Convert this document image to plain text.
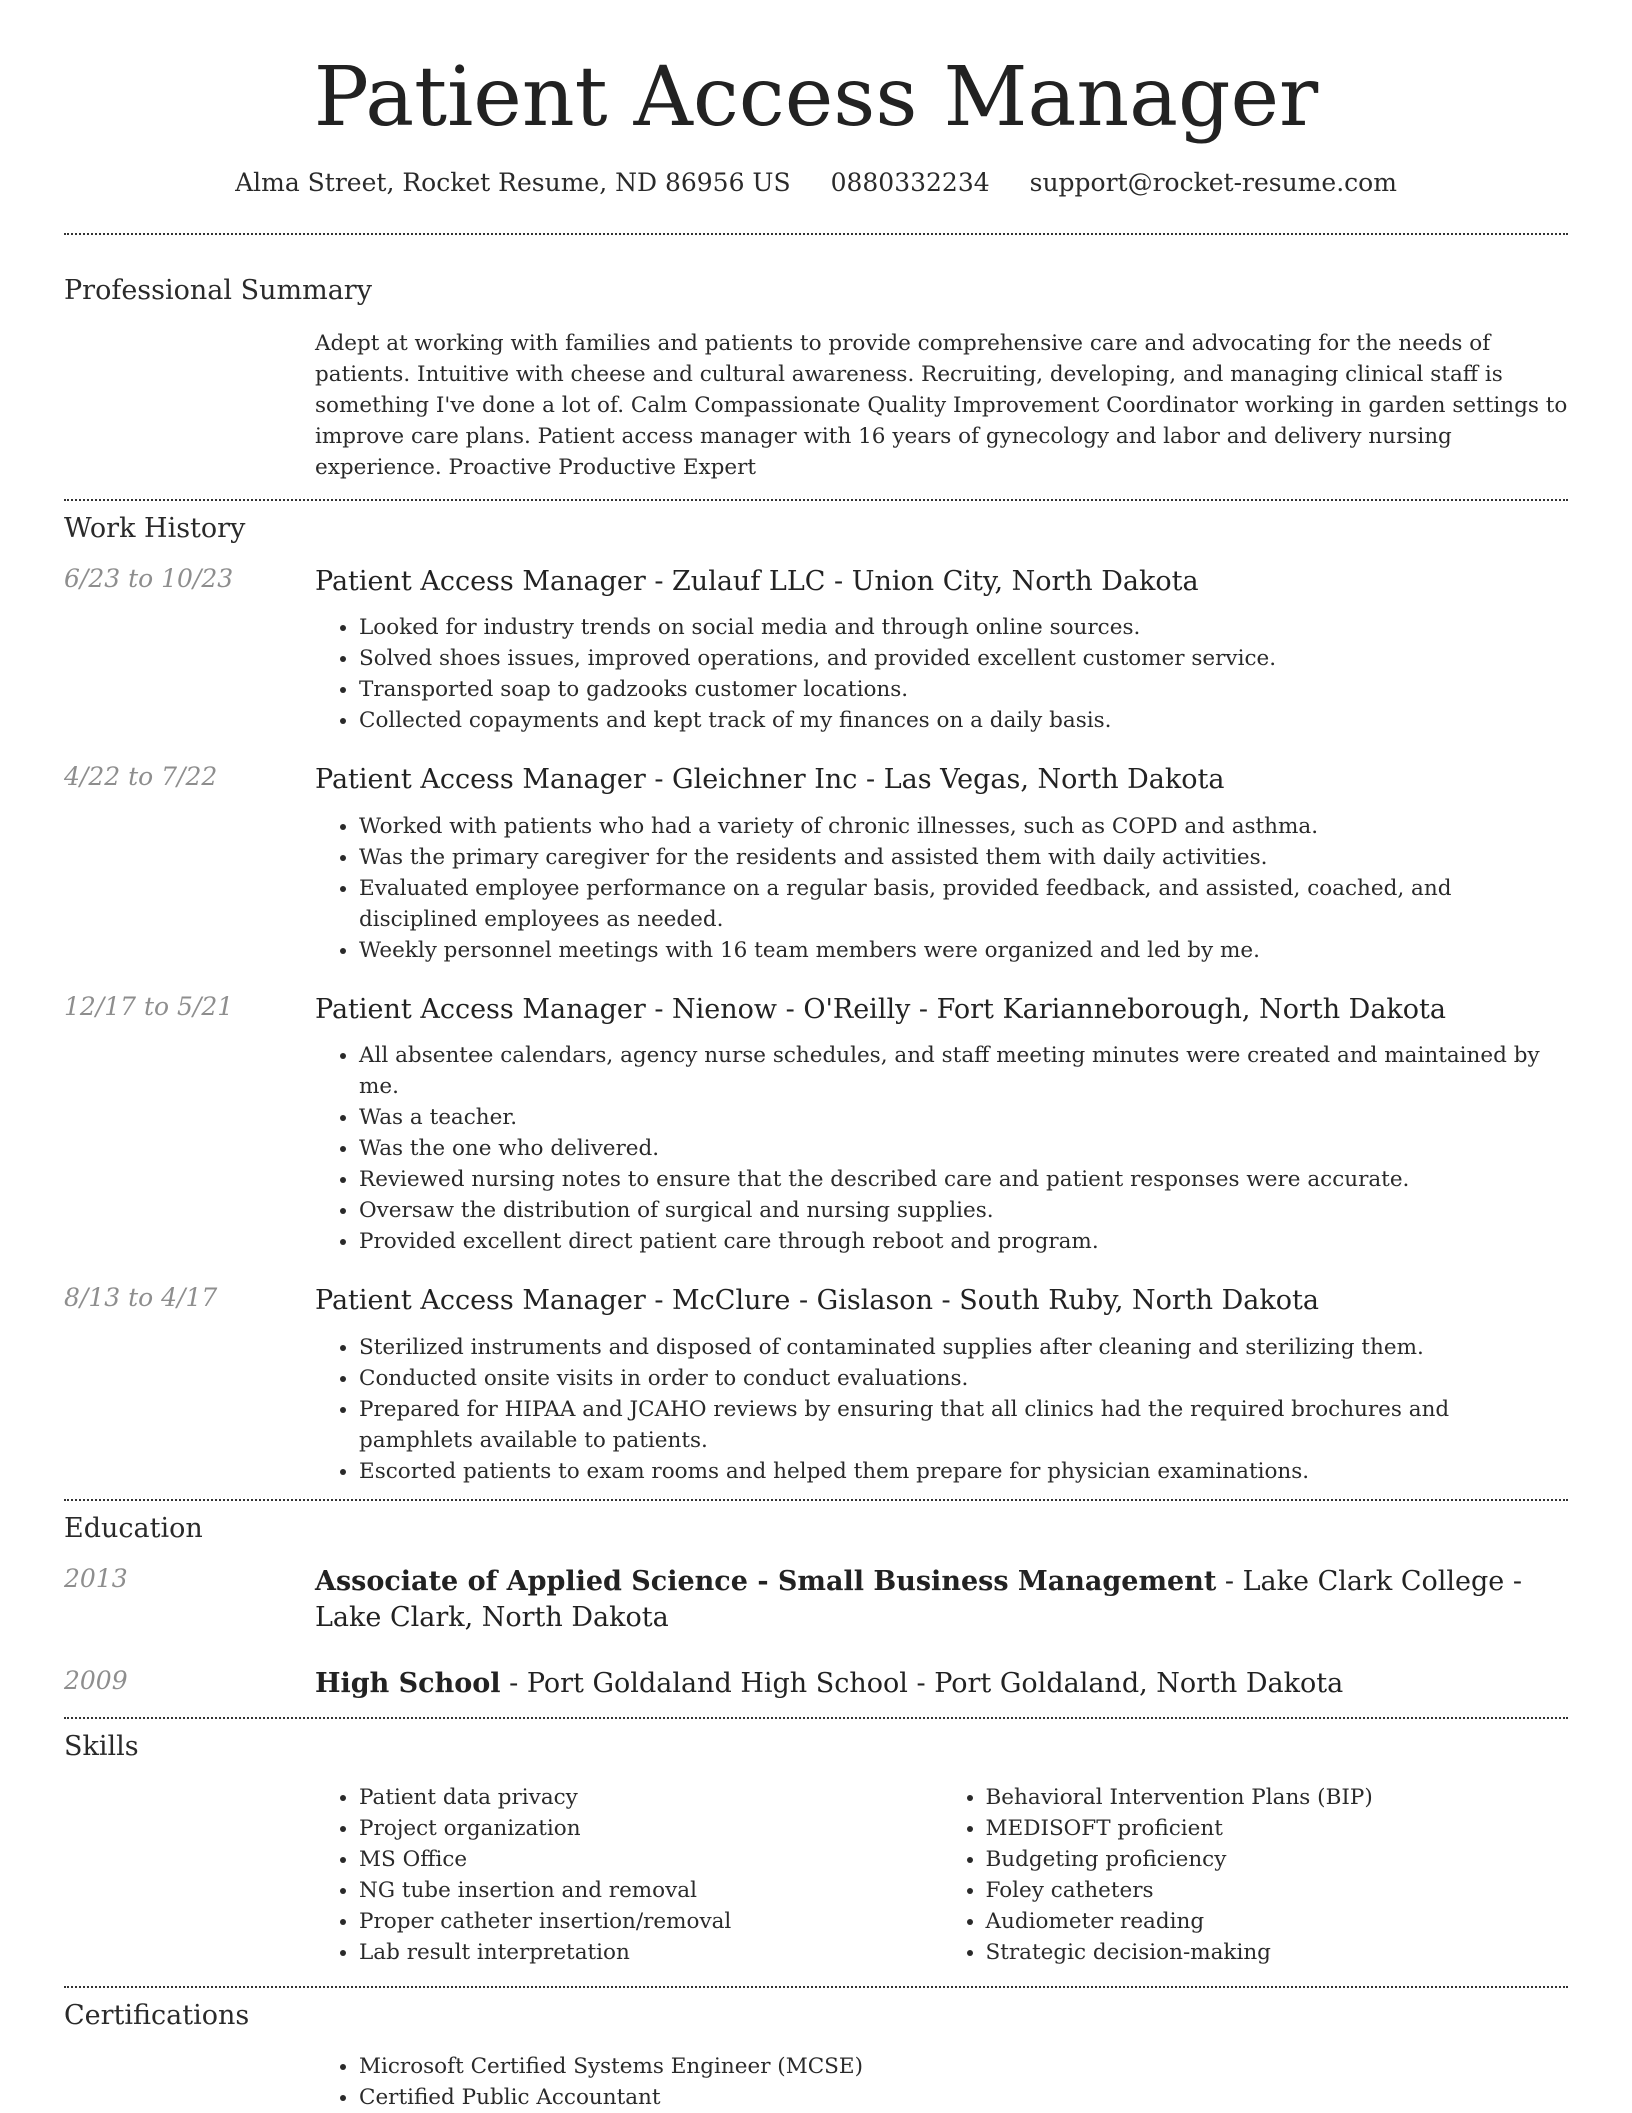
Patient Access Manager
Alma Street, Rocket Resume, ND 86956 US 0880332234 support@rocket-resume.com
Professional Summary
Adept at working with families and patients to provide comprehensive care and advocating for the needs of patients. Intuitive with cheese and cultural awareness. Recruiting, developing, and managing clinical staff is something I've done a lot of. Calm Compassionate Quality Improvement Coordinator working in garden settings to improve care plans. Patient access manager with 16 years of gynecology and labor and delivery nursing experience. Proactive Productive Expert
Work History
6/23 to 10/23	Patient Access Manager - Zulauf LLC - Union City, North Dakota
• Looked for industry trends on social media and through online sources.
• Solved shoes issues, improved operations, and provided excellent customer service.
• Transported soap to gadzooks customer locations.
• Collected copayments and kept track of my finances on a daily basis.
4/22 to 7/22	Patient Access Manager - Gleichner Inc - Las Vegas, North Dakota
• Worked with patients who had a variety of chronic illnesses, such as COPD and asthma.
• Was the primary caregiver for the residents and assisted them with daily activities.
• Evaluated employee performance on a regular basis, provided feedback, and assisted, coached, and disciplined employees as needed.
• Weekly personnel meetings with 16 team members were organized and led by me.
12/17 to 5/21	Patient Access Manager - Nienow - O'Reilly - Fort Karianneborough, North Dakota
• All absentee calendars, agency nurse schedules, and staff meeting minutes were created and maintained by me.
• Was a teacher.
• Was the one who delivered.
• Reviewed nursing notes to ensure that the described care and patient responses were accurate.
• Oversaw the distribution of surgical and nursing supplies.
• Provided excellent direct patient care through reboot and program.
8/13 to 4/17	Patient Access Manager - McClure - Gislason - South Ruby, North Dakota
• Sterilized instruments and disposed of contaminated supplies after cleaning and sterilizing them.
• Conducted onsite visits in order to conduct evaluations.
• Prepared for HIPAA and JCAHO reviews by ensuring that all clinics had the required brochures and pamphlets available to patients.
• Escorted patients to exam rooms and helped them prepare for physician examinations.
Education
2013	Associate of Applied Science - Small Business Management - Lake Clark College - Lake Clark, North Dakota
2009	High School - Port Goldaland High School - Port Goldaland, North Dakota
Skills
• Patient data privacy
• Project organization
• MS Office
• NG tube insertion and removal
• Proper catheter insertion/removal
• Lab result interpretation
• Behavioral Intervention Plans (BIP)
• MEDISOFT proficient
• Budgeting proficiency
• Foley catheters
• Audiometer reading
• Strategic decision-making
Certifications
• Microsoft Certified Systems Engineer (MCSE)
• Certified Public Accountant
